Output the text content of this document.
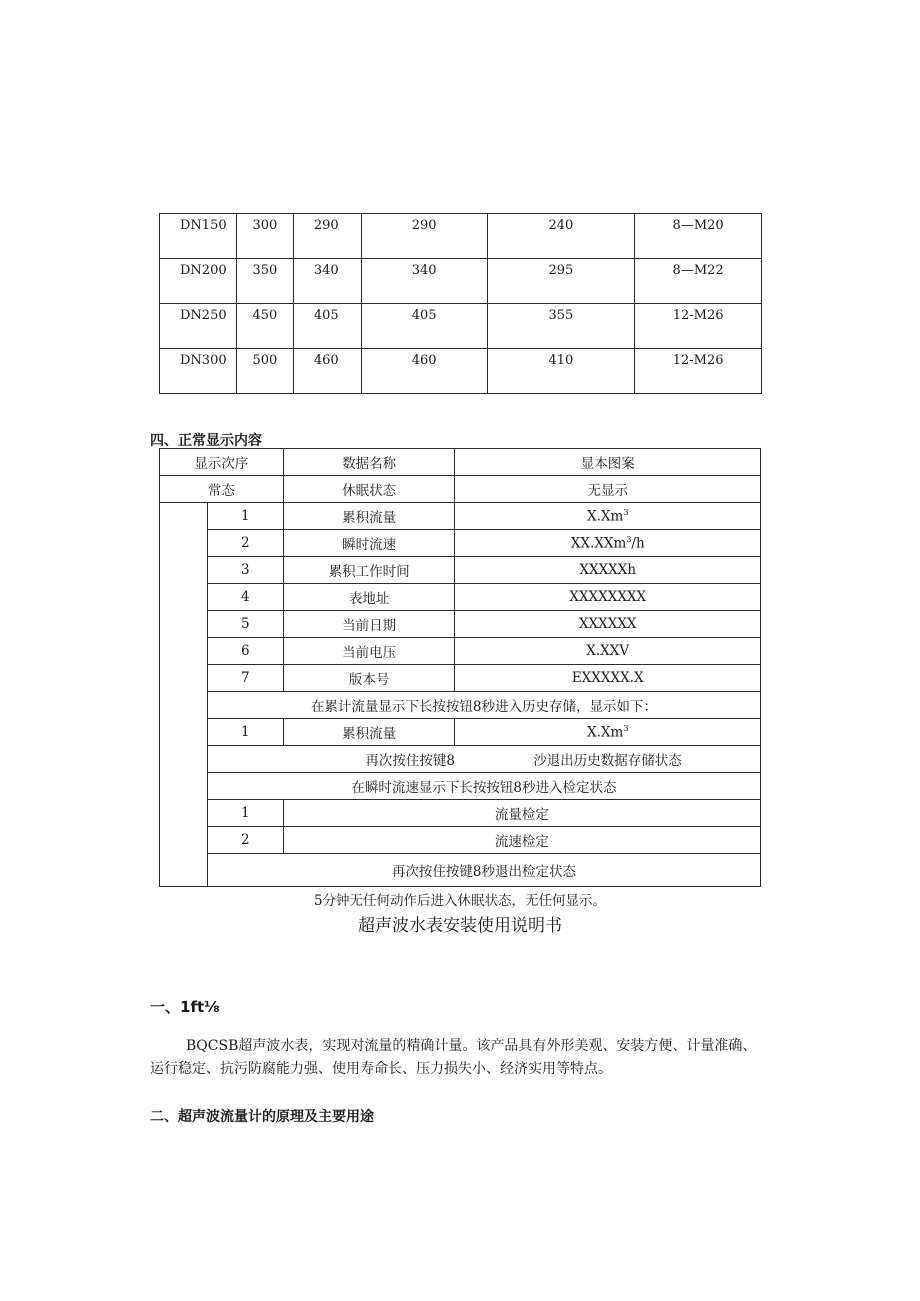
DN150	300	290	290	240	8—M20
DN200	350	340	340	295	8—M22
DN250	450	405	405	355	12-M26
DN300	500	460	460	410	12-M26
四、正常显示内容
显示次序		数据名称	显本图案
常态		休眠状态	无显示
	1	累积流量	X.Xm$^3$
	2	瞬时流速	XX.XXm$^3$/h
	3	累积工作时间	XXXXXh
	4	表地址	XXXXXXXX
	5	当前日期	XXXXXX
	6	当前电压	X.XXV
	7	版本号	EXXXXX.X
	在累计流量显示下长按按钮8秒进入历史存储，显示如下：		
	1	累积流量	X.Xm$^3$
	再次按住按键8		沙退出历史数据存储状态
	在瞬时流速显示下长按按钮8秒进入检定状态		
	1	流量检定	
	2	流速检定	
	再次按住按键8秒退出检定状态		
5分钟无任何动作后进入休眠状态，无任何显示。
超声波水表安装使用说明书
一、1ft⅛
BQCSB超声波水表，实现对流量的精确计量。该产品具有外形美观、安装方便、计量准确、运行稳定、抗污防腐能力强、使用寿命长、压力损失小、经济实用等特点。
二、超声波流量计的原理及主要用途
